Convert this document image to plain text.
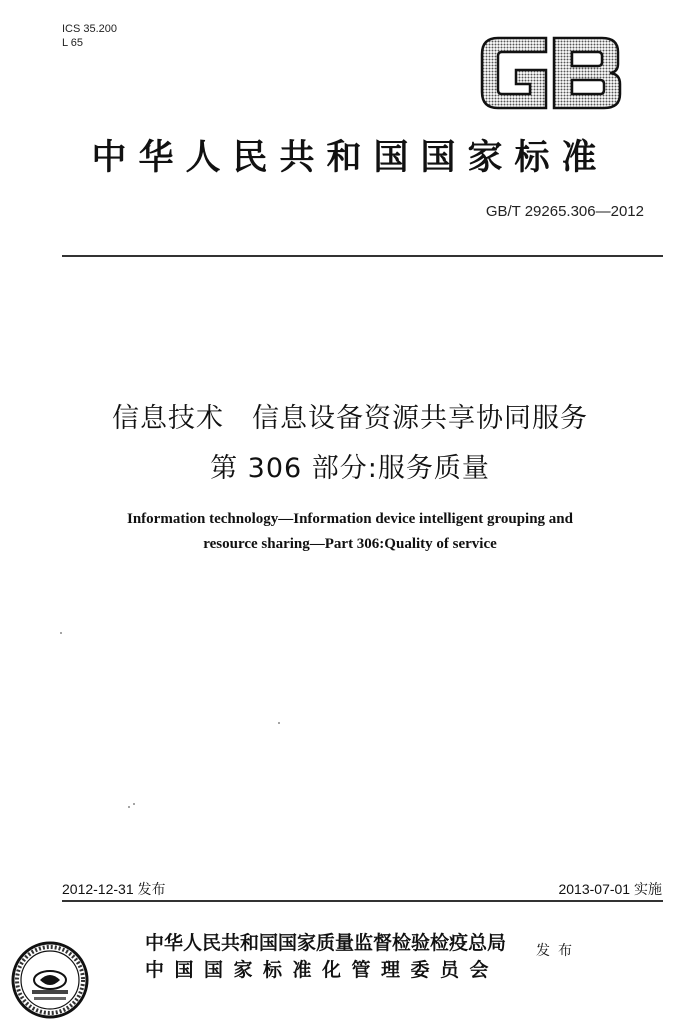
ICS 35.200
L 65
中华人民共和国国家标准
GB/T 29265.306—2012
信息技术　信息设备资源共享协同服务
第 306 部分:服务质量
Information technology—Information device intelligent grouping and
resource sharing—Part 306:Quality of service
2012-12-31 发布	2013-07-01 实施
中华人民共和国国家质量监督检验检疫总局
中国国家标准化管理委员会
发布
